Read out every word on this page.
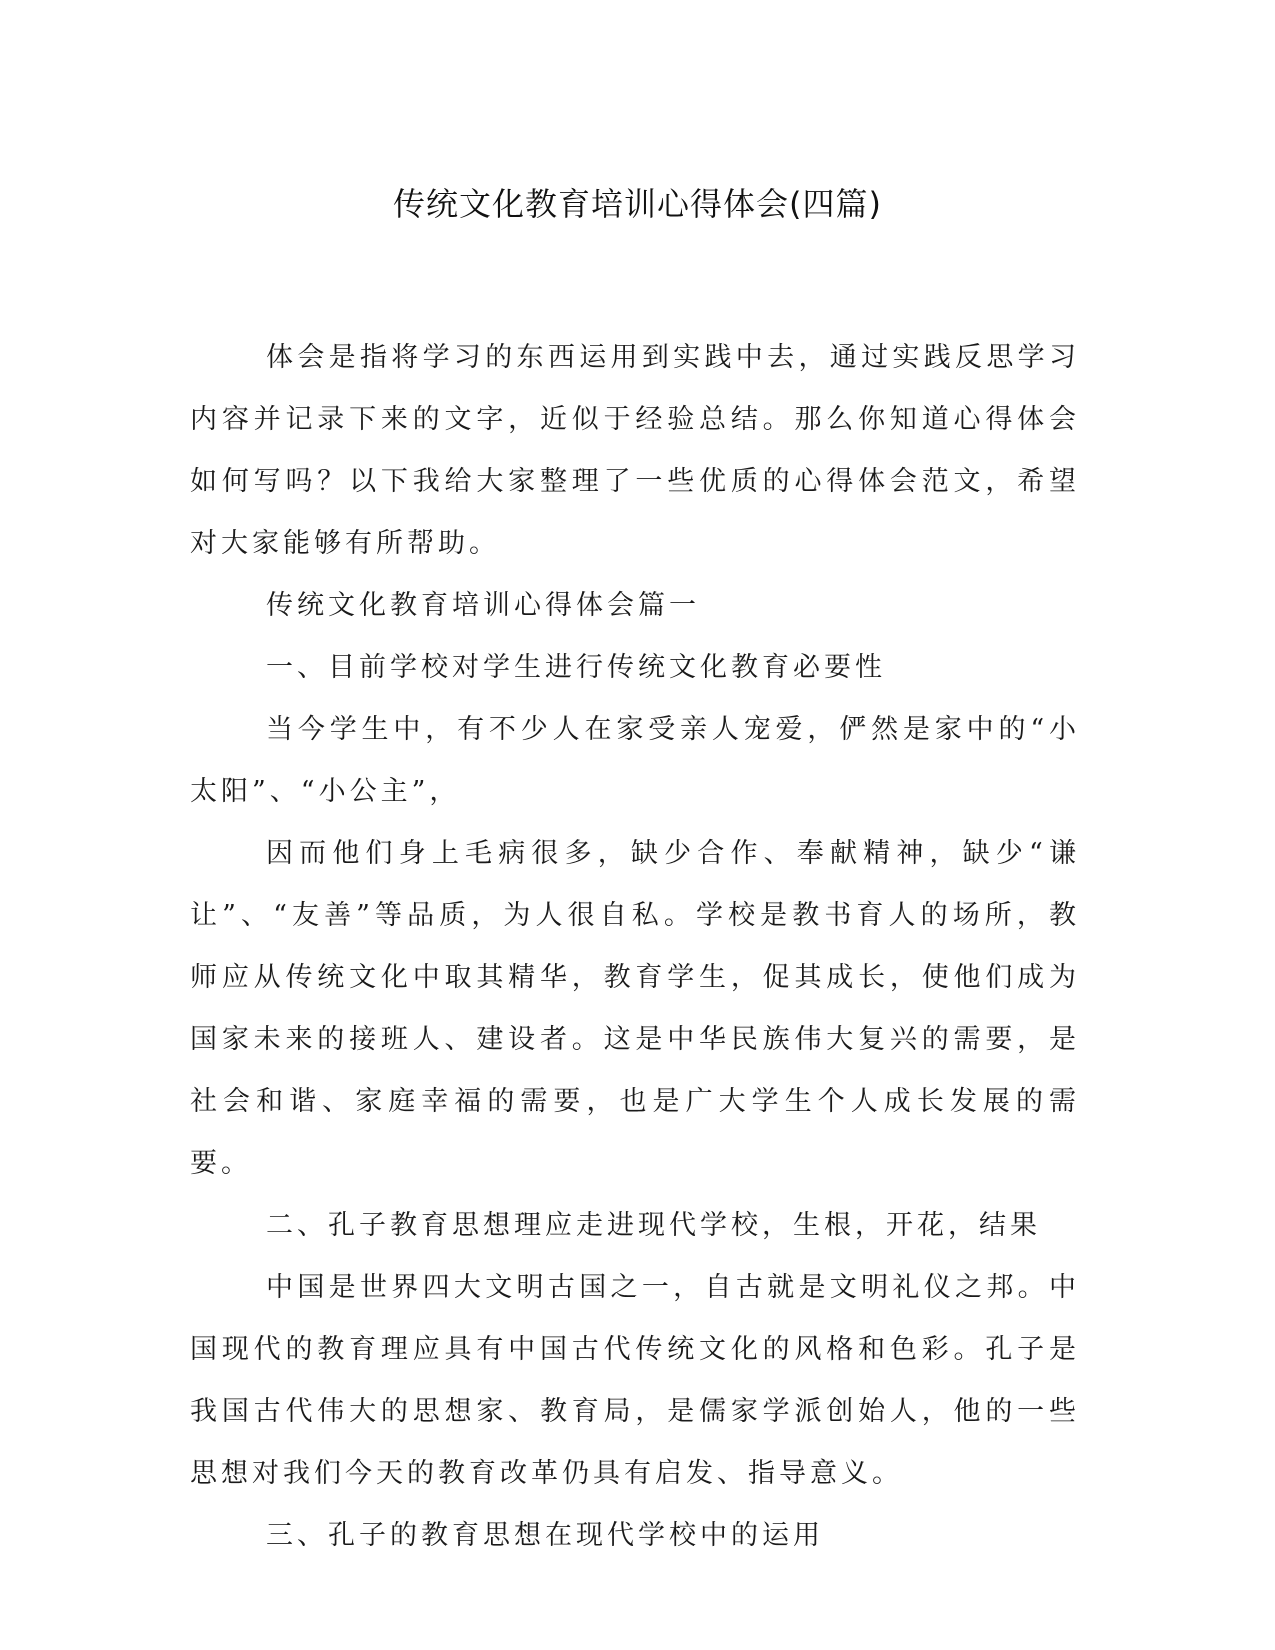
传统文化教育培训心得体会(四篇)

体会是指将学习的东西运用到实践中去，通过实践反思学习内容并记录下来的文字，近似于经验总结。那么你知道心得体会如何写吗？以下我给大家整理了一些优质的心得体会范文，希望对大家能够有所帮助。

传统文化教育培训心得体会篇一

一、目前学校对学生进行传统文化教育必要性

当今学生中，有不少人在家受亲人宠爱，俨然是家中的“小太阳”、“小公主”，

因而他们身上毛病很多，缺少合作、奉献精神，缺少“谦让”、“友善”等品质，为人很自私。学校是教书育人的场所，教师应从传统文化中取其精华，教育学生，促其成长，使他们成为国家未来的接班人、建设者。这是中华民族伟大复兴的需要，是社会和谐、家庭幸福的需要，也是广大学生个人成长发展的需要。

二、孔子教育思想理应走进现代学校，生根，开花，结果

中国是世界四大文明古国之一，自古就是文明礼仪之邦。中国现代的教育理应具有中国古代传统文化的风格和色彩。孔子是我国古代伟大的思想家、教育局，是儒家学派创始人，他的一些思想对我们今天的教育改革仍具有启发、指导意义。

三、孔子的教育思想在现代学校中的运用
